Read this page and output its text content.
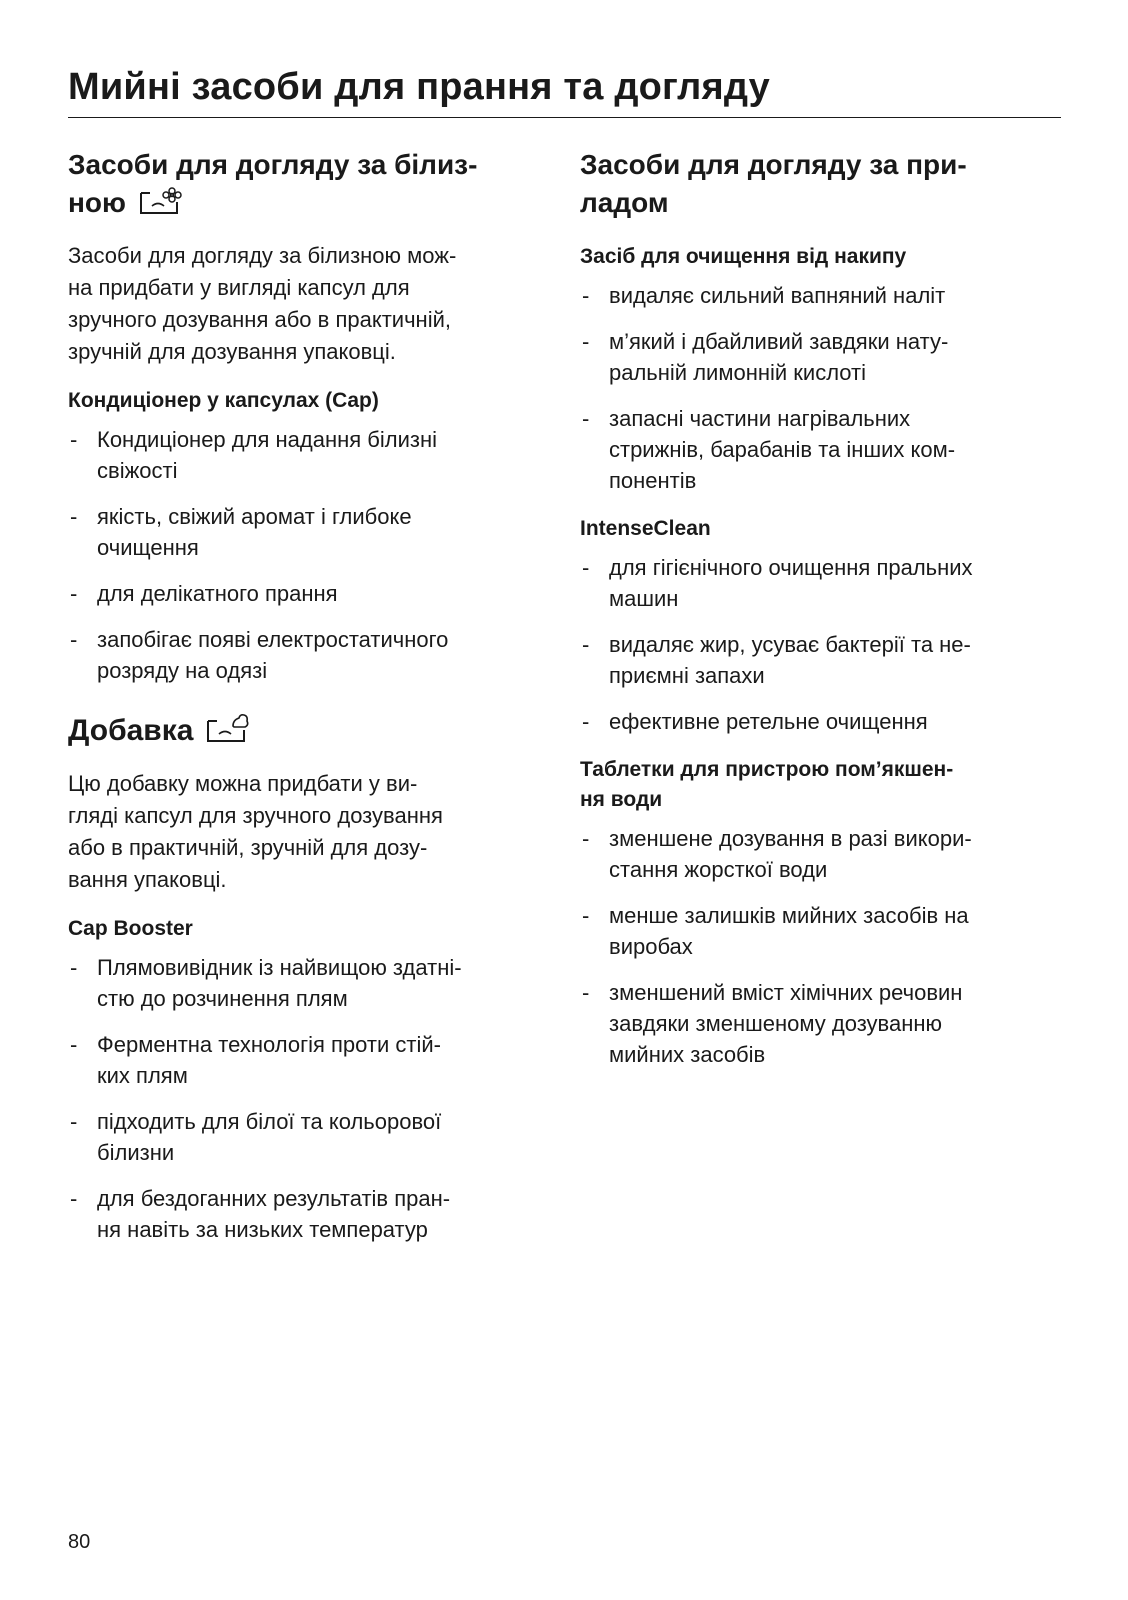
Мийні засоби для прання та догляду
Засоби для догляду за білиз-
ною

Засоби для догляду за білизною мож-
на придбати у вигляді капсул для
зручного дозування або в практичній,
зручній для дозування упаковці.

Кондиціонер у капсулах (Cap)
- Кондиціонер для надання білизні
свіжості
- якість, свіжий аромат і глибоке
очищення
- для делікатного прання
- запобігає появі електростатичного
розряду на одязі
Добавка

Цю добавку можна придбати у ви-
гляді капсул для зручного дозування
або в практичній, зручній для дозу-
вання упаковці.

Cap Booster
- Плямовивідник із найвищою здатні-
стю до розчинення плям
- Ферментна технологія проти стій-
ких плям
- підходить для білої та кольорової
білизни
- для бездоганних результатів пран-
ня навіть за низьких температур
Засоби для догляду за при-
ладом
Засіб для очищення від накипу
- видаляє сильний вапняний наліт
- м’який і дбайливий завдяки нату-
ральній лимонній кислоті
- запасні частини нагрівальних
стрижнів, барабанів та інших ком-
понентів
IntenseClean
- для гігієнічного очищення пральних
машин
- видаляє жир, усуває бактерії та не-
приємні запахи
- ефективне ретельне очищення
Таблетки для пристрою пом’якшен-
ня води
- зменшене дозування в разі викори-
стання жорсткої води
- менше залишків мийних засобів на
виробах
- зменшений вміст хімічних речовин
завдяки зменшеному дозуванню
мийних засобів
80
